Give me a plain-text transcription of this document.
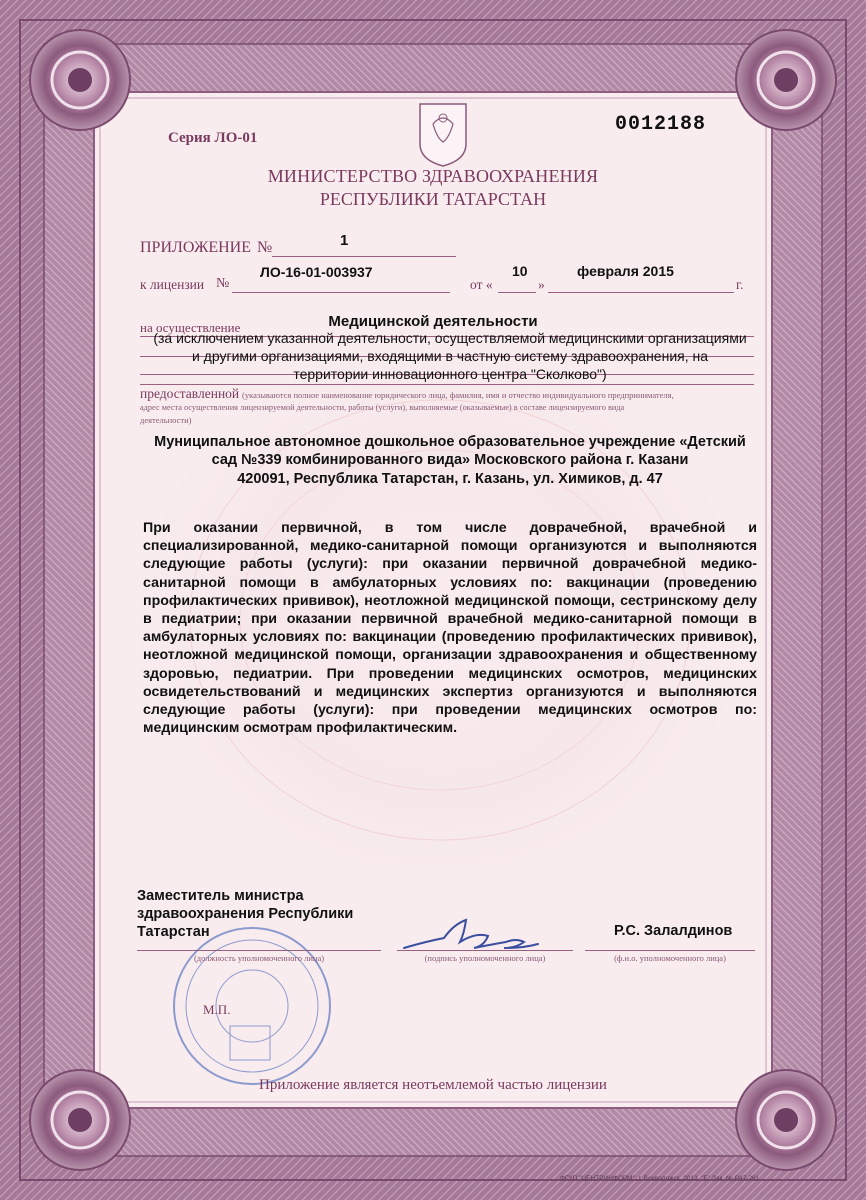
Серия ЛО-01
0012188
МИНИСТЕРСТВО ЗДРАВООХРАНЕНИЯ
РЕСПУБЛИКИ ТАТАРСТАН
ПРИЛОЖЕНИЕ №	1
к лицензии №
ЛО-16-01-003937
от «	»
10	февраля 2015
г.
на осуществление	Медицинской деятельности
(за исключением указанной деятельности, осуществляемой медицинскими организациями
и другими организациями, входящими в частную систему здравоохранения, на
территории инновационного центра "Сколково")
предоставленной (указываются полное наименование юридического лица, фамилия, имя и отчество индивидуального предпринимателя,
адрес места осуществления лицензируемой деятельности, работы (услуги), выполняемые (оказываемые) в составе лицензируемого вида
деятельности)
Муниципальное автономное дошкольное образовательное учреждение «Детский
сад №339 комбинированного вида» Московского района г. Казани
420091, Республика Татарстан, г. Казань, ул. Химиков, д. 47

При оказании первичной, в том числе доврачебной, врачебной и специализированной, медико-санитарной помощи организуются и выполняются следующие работы (услуги): при оказании первичной доврачебной медико-санитарной помощи в амбулаторных условиях по: вакцинации (проведению профилактических прививок), неотложной медицинской помощи, сестринскому делу в педиатрии; при оказании первичной врачебной медико-санитарной помощи в амбулаторных условиях по: вакцинации (проведению профилактических прививок), неотложной медицинской помощи, организации здравоохранения и общественному здоровью, педиатрии. При проведении медицинских осмотров, медицинских освидетельствований и медицинских экспертиз организуются и выполняются следующие работы (услуги): при проведении медицинских осмотров по: медицинским осмотрам профилактическим.

Заместитель министра
здравоохранения Республики
Татарстан	Р.С. Залалдинов
(должность уполномоченного лица)	(подпись уполномоченного лица)	(ф.и.о. уполномоченного лица)
М.П.
Приложение является неотъемлемой частью лицензии
ФГУП "ЦЕНТРИНФОРМ", г. Всеволожск, 2013, "Б" Зак. № Р47-261
